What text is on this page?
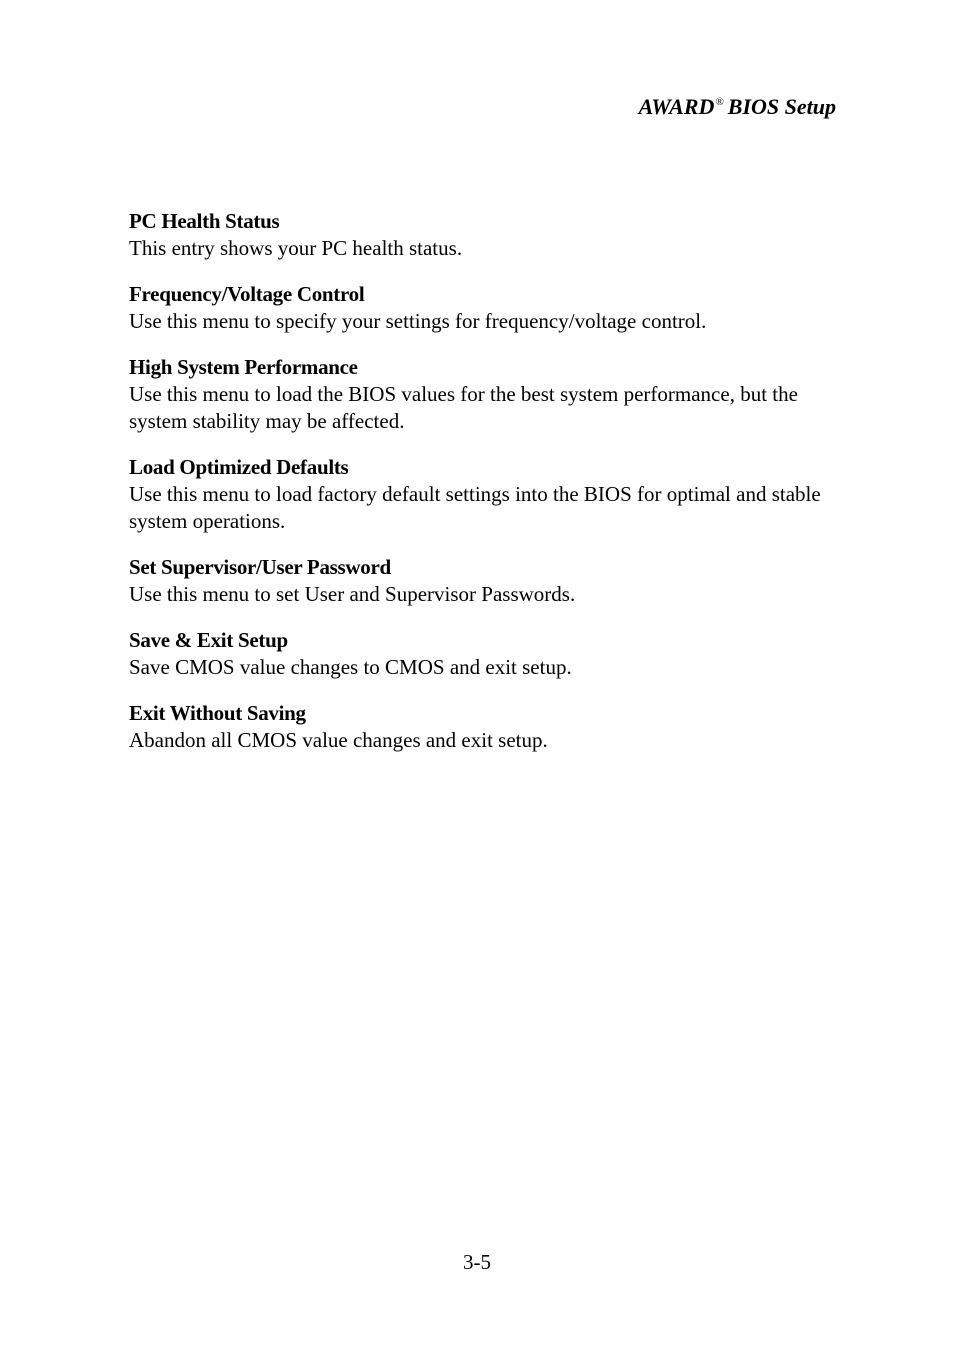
AWARD® BIOS Setup
PC Health Status
This entry shows your PC health status.
Frequency/Voltage Control
Use this menu to specify your settings for frequency/voltage control.
High System Performance
Use this menu to load the BIOS values for the best system performance, but the system stability may be affected.
Load Optimized Defaults
Use this menu to load factory default settings into the BIOS for optimal and stable system operations.
Set Supervisor/User Password
Use this menu to set User and Supervisor Passwords.
Save & Exit Setup
Save CMOS value changes to CMOS and exit setup.
Exit Without Saving
Abandon all CMOS value changes and exit setup.
3-5
